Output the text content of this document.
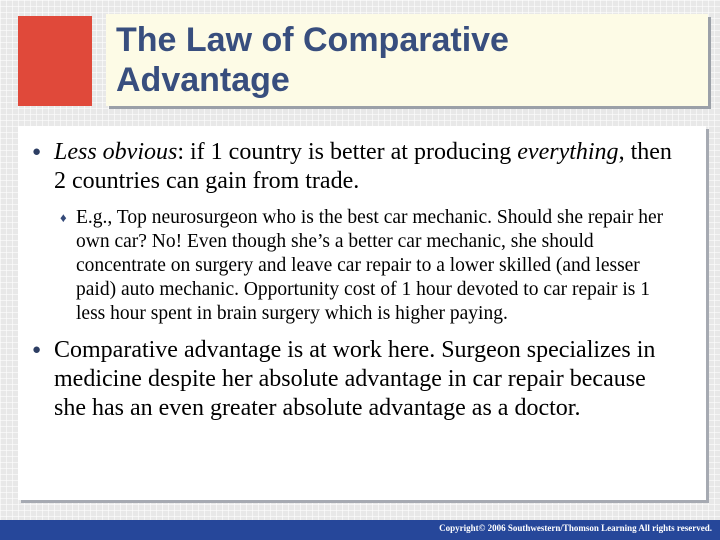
The Law of Comparative
Advantage
● Less obvious: if 1 country is better at producing everything, then 2 countries can gain from trade.
♦ E.g., Top neurosurgeon who is the best car mechanic. Should she repair her own car? No! Even though she’s a better car mechanic, she should concentrate on surgery and leave car repair to a lower skilled (and lesser paid) auto mechanic. Opportunity cost of 1 hour devoted to car repair is 1 less hour spent in brain surgery which is higher paying.
● Comparative advantage is at work here. Surgeon specializes in medicine despite her absolute advantage in car repair because she has an even greater absolute advantage as a doctor.
Copyright© 2006 Southwestern/Thomson Learning All rights reserved.
